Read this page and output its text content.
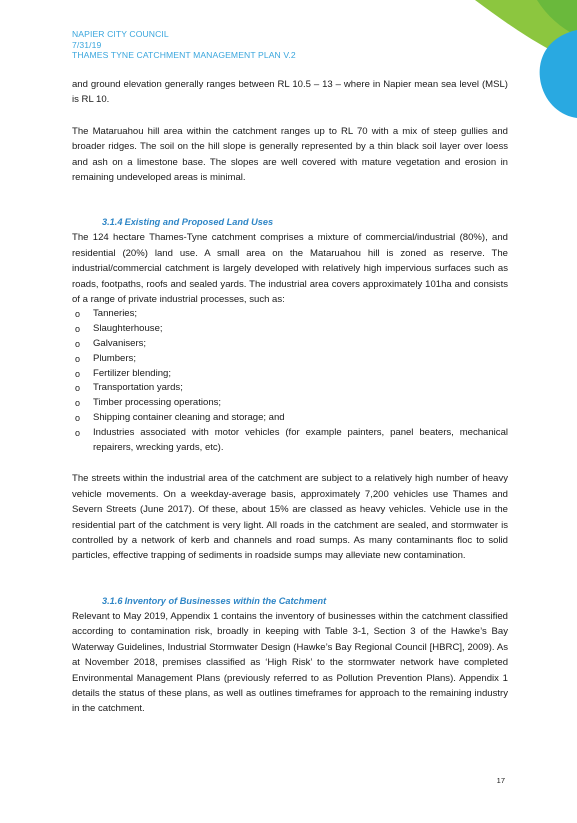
NAPIER CITY COUNCIL
7/31/19
THAMES TYNE CATCHMENT MANAGEMENT PLAN V.2

and ground elevation generally ranges between RL 10.5 – 13 – where in Napier mean sea level (MSL) is RL 10.

The Mataruahou hill area within the catchment ranges up to RL 70 with a mix of steep gullies and broader ridges. The soil on the hill slope is generally represented by a thin black soil layer over loess and ash on a limestone base. The slopes are well covered with mature vegetation and erosion in remaining undeveloped areas is minimal.

3.1.4 Existing and Proposed Land Uses

The 124 hectare Thames-Tyne catchment comprises a mixture of commercial/industrial (80%), and residential (20%) land use. A small area on the Mataruahou hill is zoned as reserve. The industrial/commercial catchment is largely developed with relatively high impervious surfaces such as roads, footpaths, roofs and sealed yards. The industrial area covers approximately 101ha and consists of a range of private industrial processes, such as:

o Tanneries;
o Slaughterhouse;
o Galvanisers;
o Plumbers;
o Fertilizer blending;
o Transportation yards;
o Timber processing operations;
o Shipping container cleaning and storage; and
o Industries associated with motor vehicles (for example painters, panel beaters, mechanical repairers, wrecking yards, etc).

The streets within the industrial area of the catchment are subject to a relatively high number of heavy vehicle movements. On a weekday-average basis, approximately 7,200 vehicles use Thames and Severn Streets (June 2017). Of these, about 15% are classed as heavy vehicles. Vehicle use in the residential part of the catchment is very light. All roads in the catchment are sealed, and stormwater is controlled by a network of kerb and channels and road sumps. As many contaminants floc to solid particles, effective trapping of sediments in roadside sumps may alleviate new contamination.

3.1.6 Inventory of Businesses within the Catchment

Relevant to May 2019, Appendix 1 contains the inventory of businesses within the catchment classified according to contamination risk, broadly in keeping with Table 3-1, Section 3 of the Hawke’s Bay Waterway Guidelines, Industrial Stormwater Design (Hawke’s Bay Regional Council [HBRC], 2009). As at November 2018, premises classified as ‘High Risk’ to the stormwater network have completed Environmental Management Plans (previously referred to as Pollution Prevention Plans). Appendix 1 details the status of these plans, as well as outlines timeframes for approach to the remaining industry in the catchment.

17
